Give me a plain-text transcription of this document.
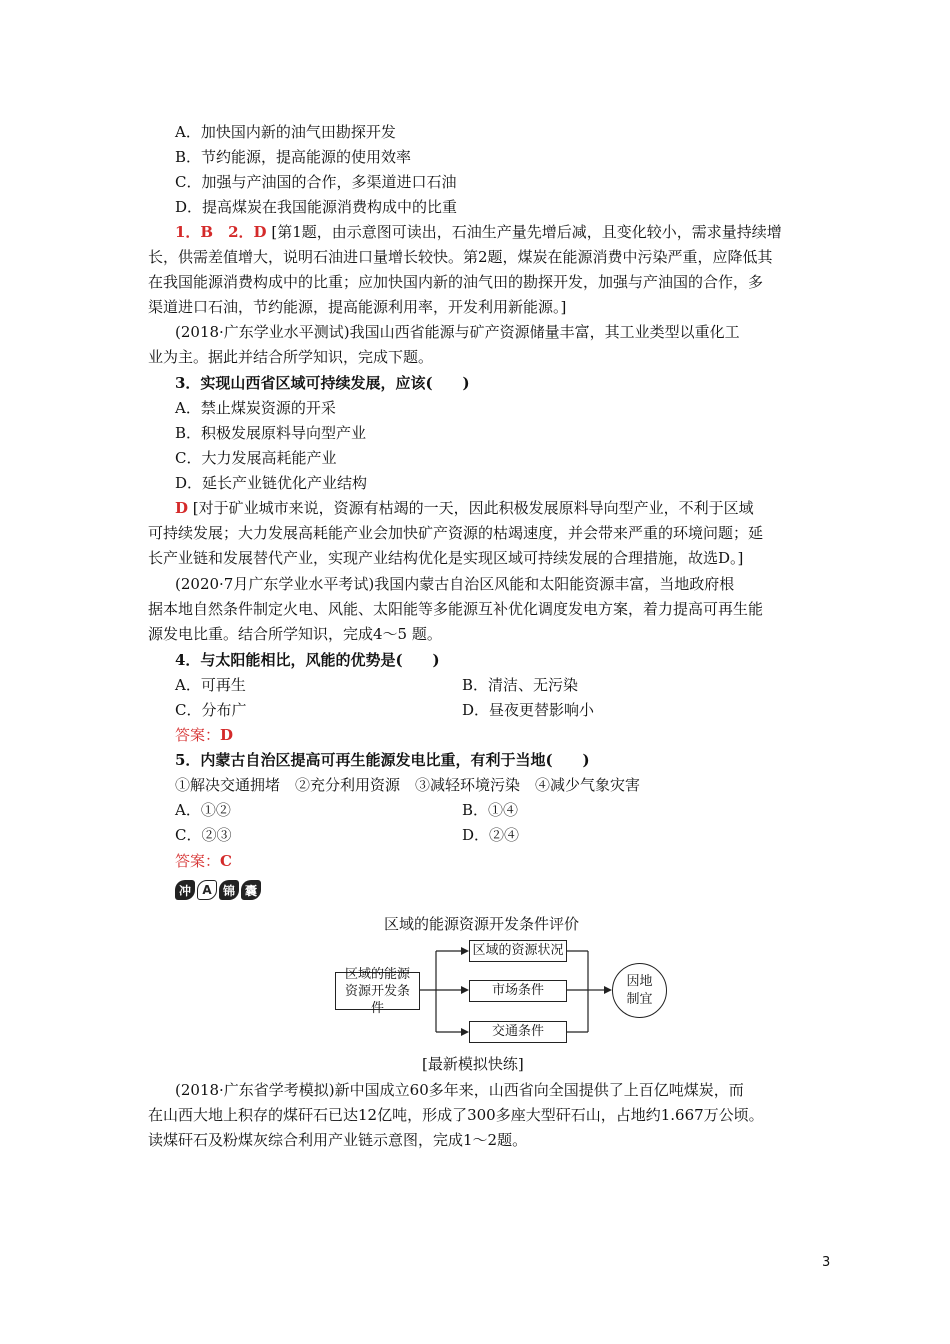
A．加快国内新的油气田勘探开发
B．节约能源，提高能源的使用效率
C．加强与产油国的合作，多渠道进口石油
D．提高煤炭在我国能源消费构成中的比重
1．B　2．D [第1题，由示意图可读出，石油生产量先增后减，且变化较小，需求量持续增
长，供需差值增大，说明石油进口量增长较快。第2题，煤炭在能源消费中污染严重，应降低其
在我国能源消费构成中的比重；应加快国内新的油气田的勘探开发，加强与产油国的合作，多
渠道进口石油，节约能源，提高能源利用率，开发利用新能源。]
(2018·广东学业水平测试)我国山西省能源与矿产资源储量丰富，其工业类型以重化工
业为主。据此并结合所学知识，完成下题。
3．实现山西省区域可持续发展，应该(　　)
A．禁止煤炭资源的开采
B．积极发展原料导向型产业
C．大力发展高耗能产业
D．延长产业链优化产业结构
D [对于矿业城市来说，资源有枯竭的一天，因此积极发展原料导向型产业，不利于区域
可持续发展；大力发展高耗能产业会加快矿产资源的枯竭速度，并会带来严重的环境问题；延
长产业链和发展替代产业，实现产业结构优化是实现区域可持续发展的合理措施，故选D。]
(2020·7月广东学业水平考试)我国内蒙古自治区风能和太阳能资源丰富，当地政府根
据本地自然条件制定火电、风能、太阳能等多能源互补优化调度发电方案，着力提高可再生能
源发电比重。结合所学知识，完成4～5 题。
4．与太阳能相比，风能的优势是(　　)
A．可再生	B．清洁、无污染
C．分布广	D．昼夜更替影响小
答案：D
5．内蒙古自治区提高可再生能源发电比重，有利于当地(　　)
①解决交通拥堵　②充分利用资源　③减轻环境污染　④减少气象灾害
A．①②	B．①④
C．②③	D．②④
答案：C
冲 A 锦 囊
区域的能源资源开发条件评价
区域的能源资源开发条件
区域的资源状况
市场条件
交通条件
因地制宜
[最新模拟快练]
(2018·广东省学考模拟)新中国成立60多年来，山西省向全国提供了上百亿吨煤炭，而
在山西大地上积存的煤矸石已达12亿吨，形成了300多座大型矸石山，占地约1.667万公顷。
读煤矸石及粉煤灰综合利用产业链示意图，完成1～2题。
3
